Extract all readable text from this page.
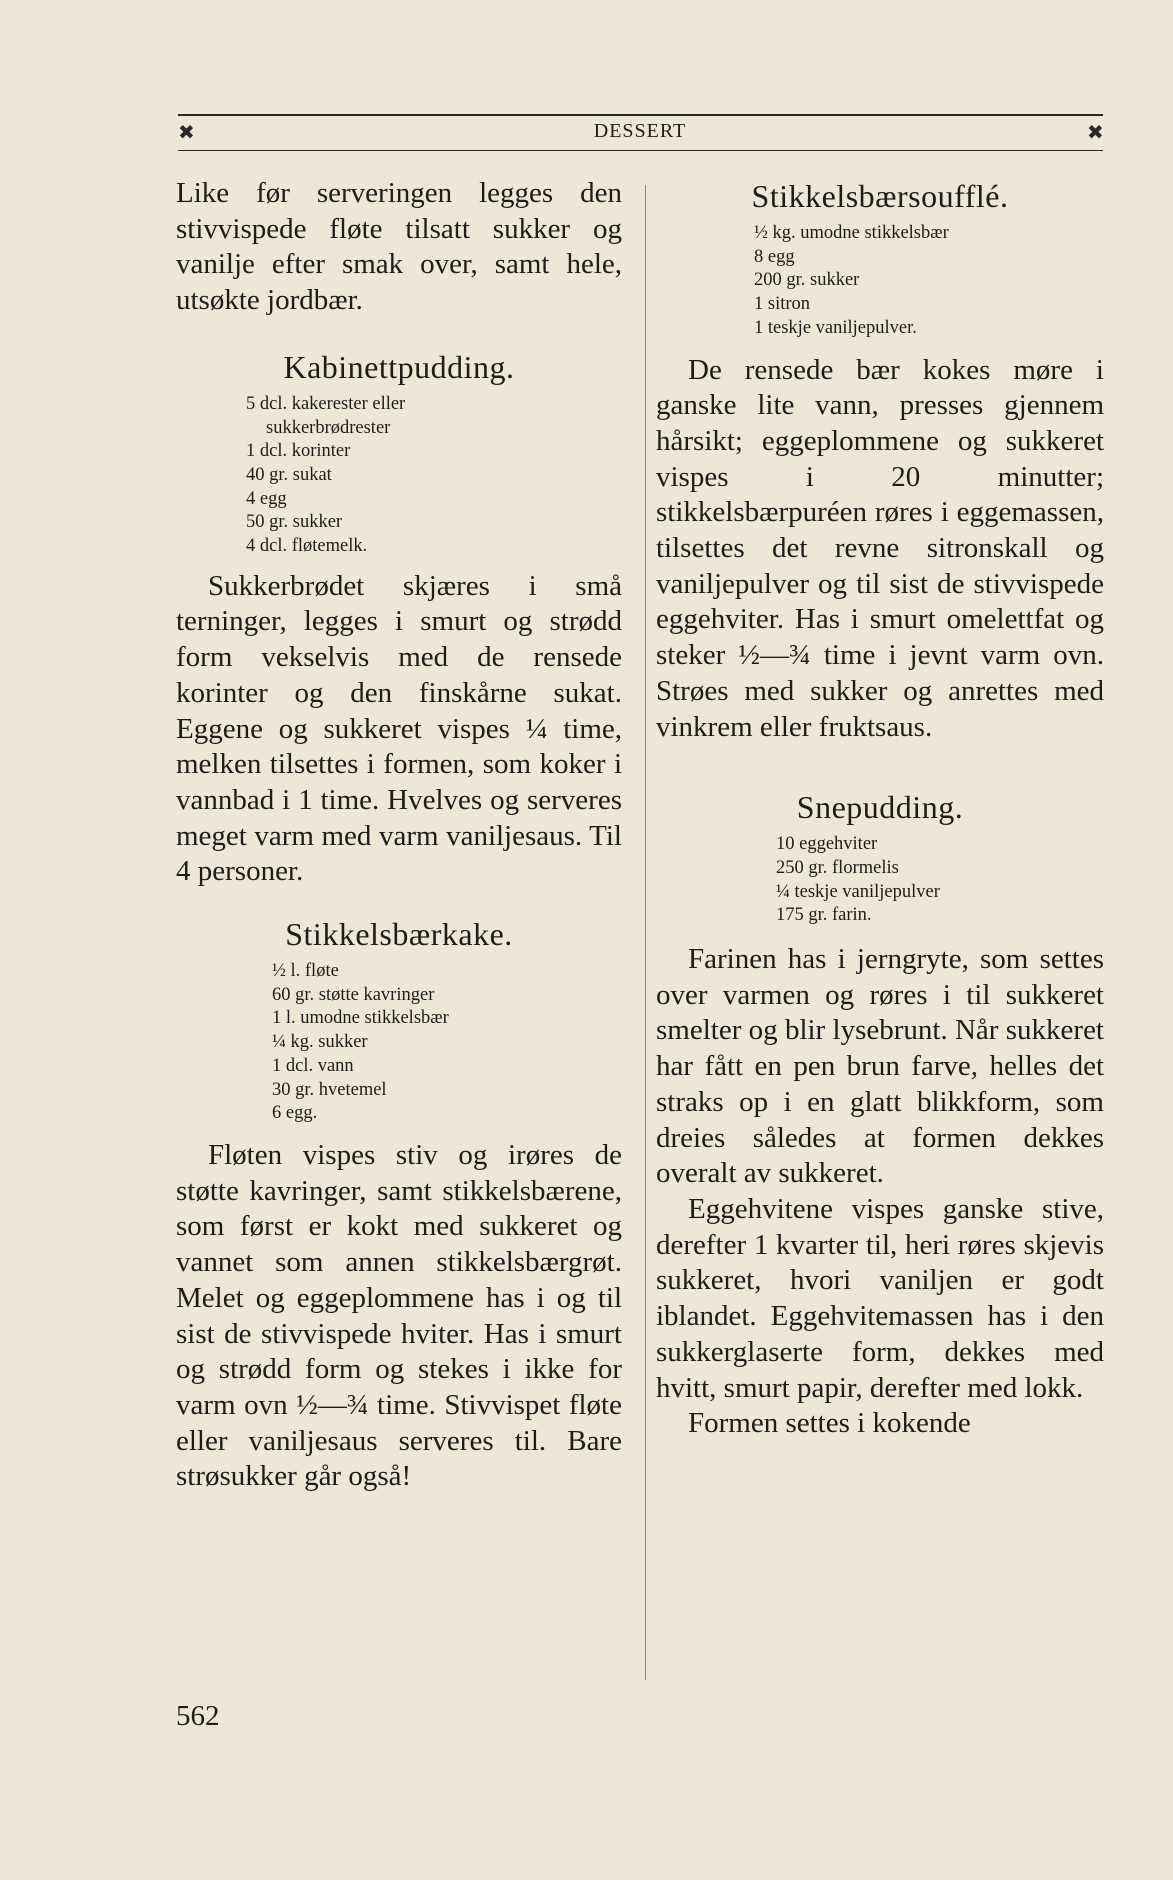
✖	DESSERT	✖

Like før serveringen legges den stivvispede fløte tilsatt sukker og vanilje efter smak over, samt hele, utsøkte jordbær.

Kabinettpudding.
5 dcl. kakerester eller
sukkerbrødrester
1 dcl. korinter
40 gr. sukat
4 egg
50 gr. sukker
4 dcl. fløtemelk.

Sukkerbrødet skjæres i små terninger, legges i smurt og strødd form vekselvis med de rensede korinter og den finskårne sukat. Eggene og sukkeret vispes ¼ time, melken tilsettes i formen, som koker i vannbad i 1 time. Hvelves og serveres meget varm med varm vaniljesaus. Til 4 personer.

Stikkelsbærkake.
½ l. fløte
60 gr. støtte kavringer
1 l. umodne stikkelsbær
¼ kg. sukker
1 dcl. vann
30 gr. hvetemel
6 egg.

Fløten vispes stiv og irøres de støtte kavringer, samt stikkelsbærene, som først er kokt med sukkeret og vannet som annen stikkelsbærgrøt. Melet og eggeplommene has i og til sist de stivvispede hviter. Has i smurt og strødd form og stekes i ikke for varm ovn ½—¾ time. Stivvispet fløte eller vaniljesaus serveres til. Bare strøsukker går også!

Stikkelsbærsoufflé.
½ kg. umodne stikkelsbær
8 egg
200 gr. sukker
1 sitron
1 teskje vaniljepulver.

De rensede bær kokes møre i ganske lite vann, presses gjennem hårsikt; eggeplommene og sukkeret vispes i 20 minutter; stikkelsbærpuréen røres i eggemassen, tilsettes det revne sitronskall og vaniljepulver og til sist de stivvispede eggehviter. Has i smurt omelettfat og steker ½—¾ time i jevnt varm ovn. Strøes med sukker og anrettes med vinkrem eller fruktsaus.

Snepudding.
10 eggehviter
250 gr. flormelis
¼ teskje vaniljepulver
175 gr. farin.

Farinen has i jerngryte, som settes over varmen og røres i til sukkeret smelter og blir lysebrunt. Når sukkeret har fått en pen brun farve, helles det straks op i en glatt blikkform, som dreies således at formen dekkes overalt av sukkeret.

Eggehvitene vispes ganske stive, derefter 1 kvarter til, heri røres skjevis sukkeret, hvori vaniljen er godt iblandet. Eggehvitemassen has i den sukkerglaserte form, dekkes med hvitt, smurt papir, derefter med lokk.

Formen settes i kokende

562
